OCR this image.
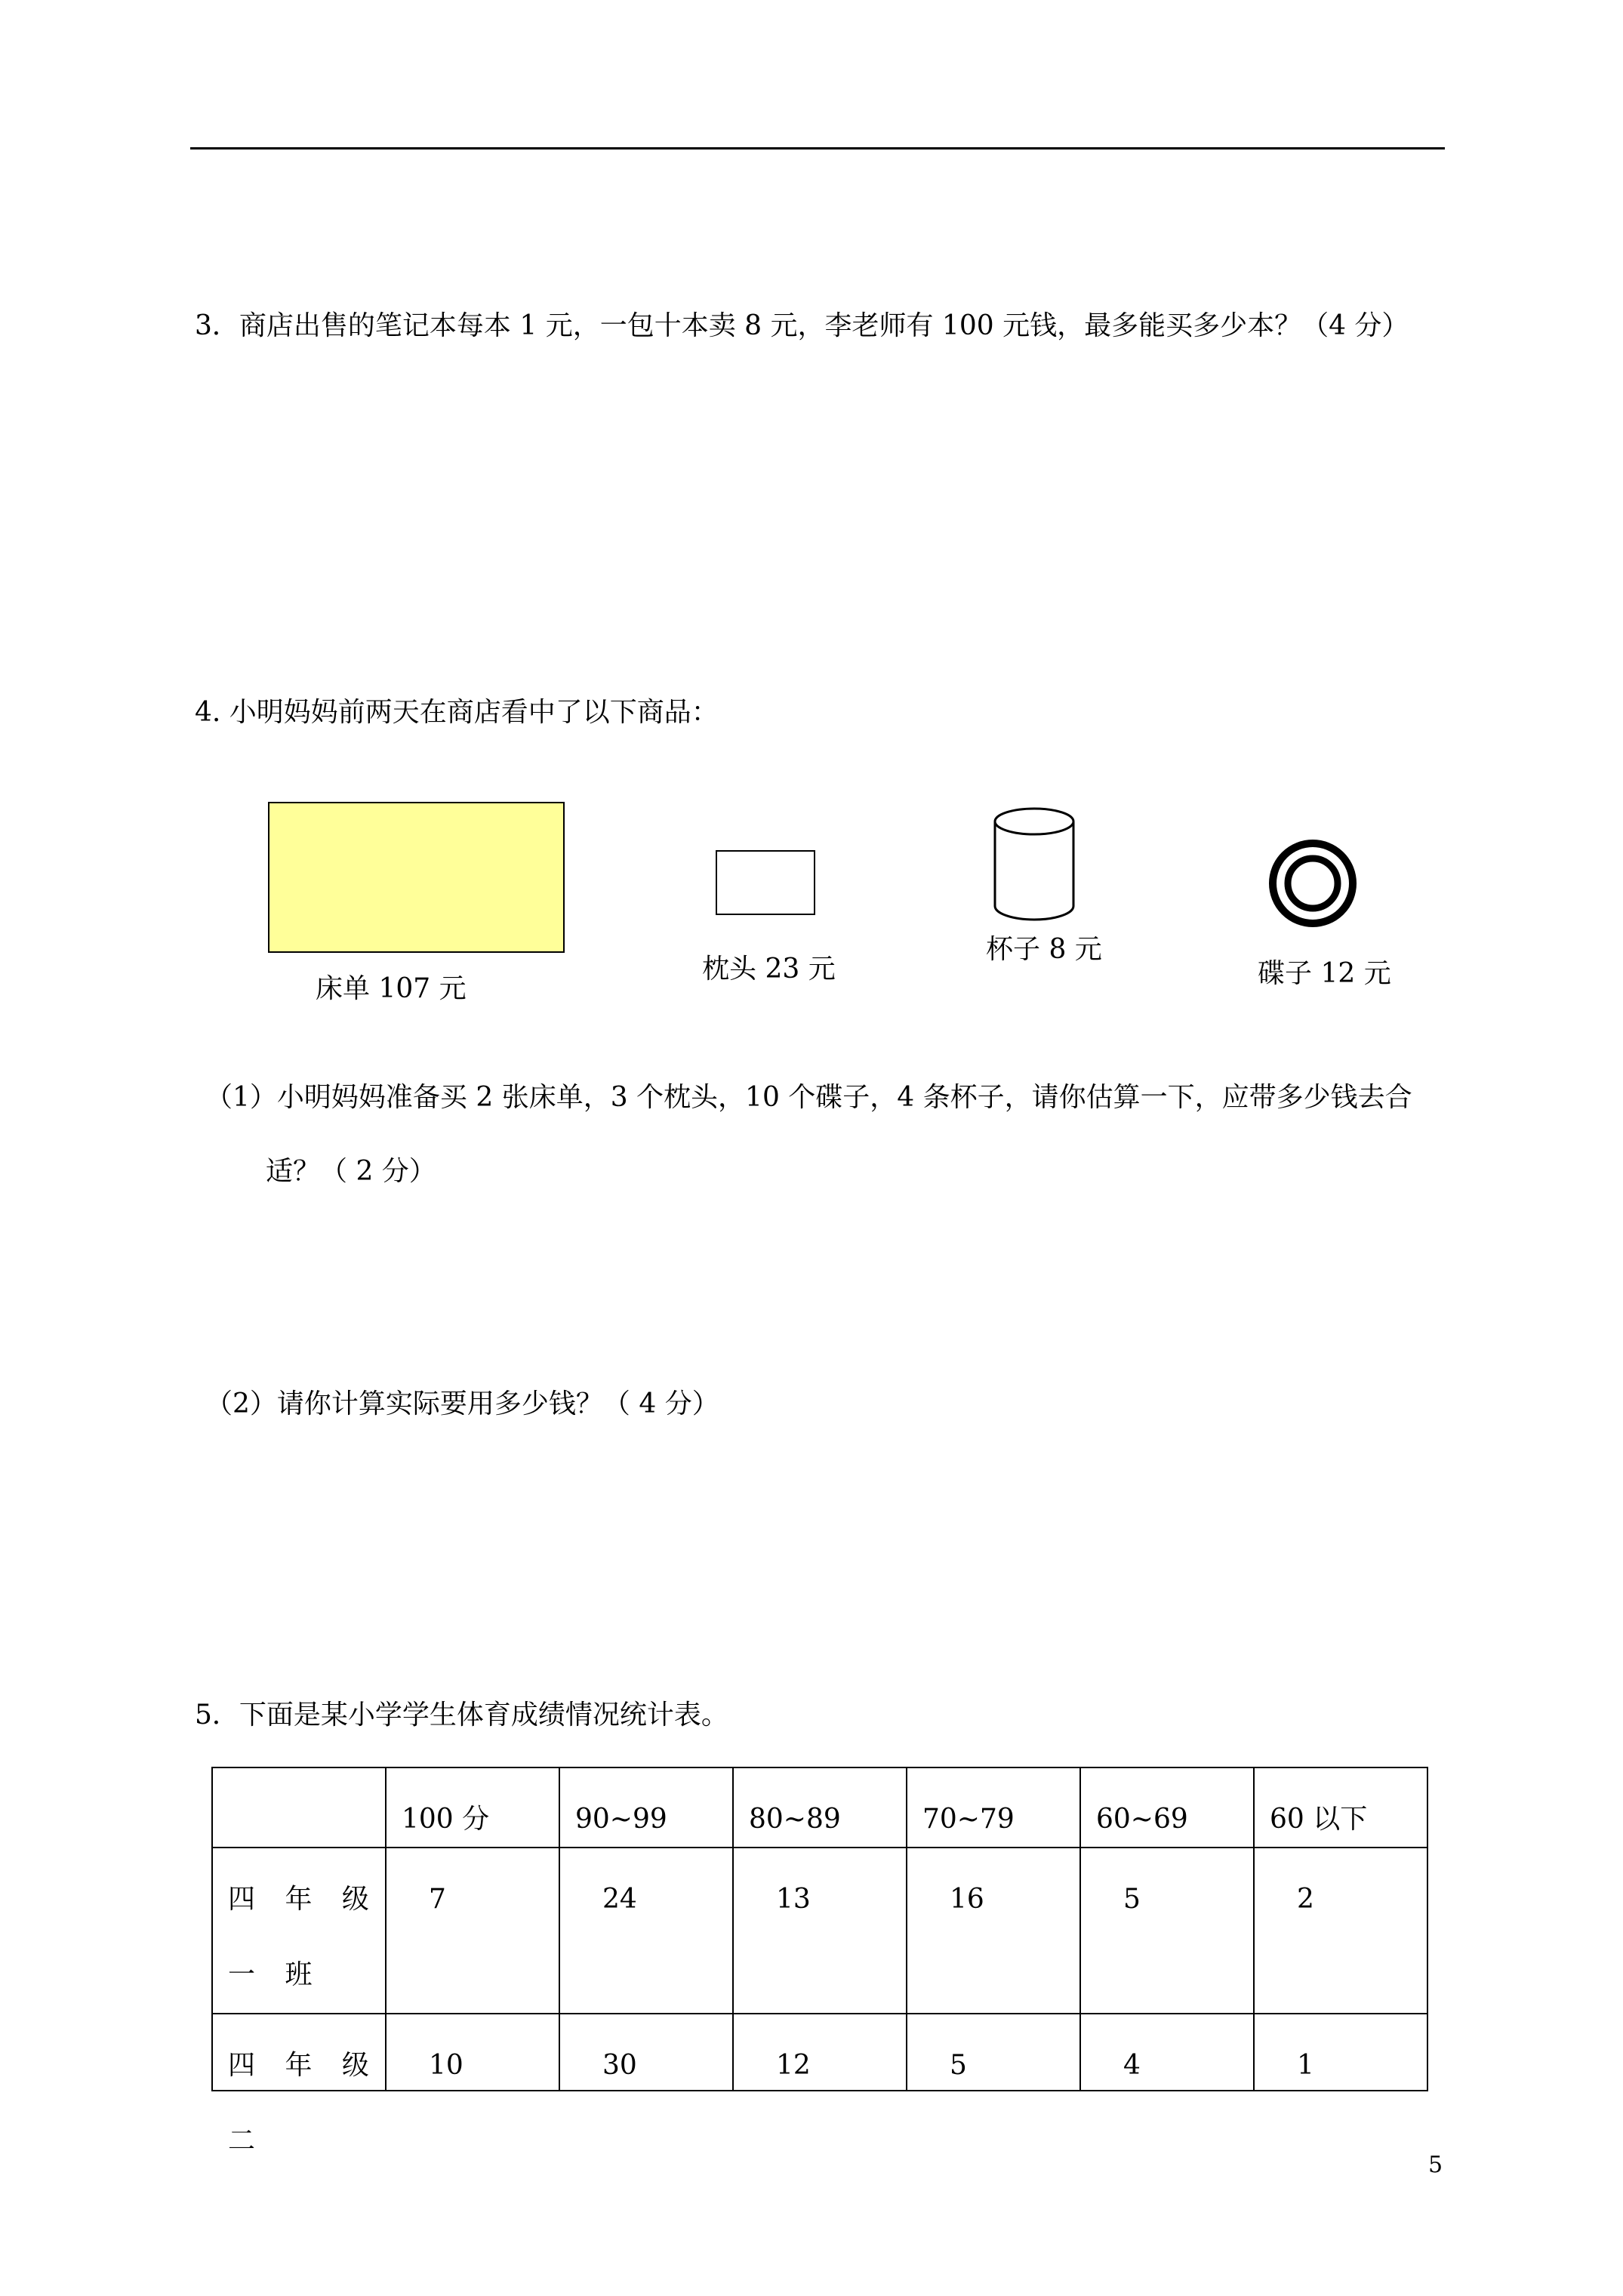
3．商店出售的笔记本每本 1 元，一包十本卖 8 元，李老师有 100 元钱，最多能买多少本？（4 分）
4. 小明妈妈前两天在商店看中了以下商品：
床单 107 元
枕头 23 元
杯子 8 元
碟子 12 元
（1）小明妈妈准备买 2 张床单，3 个枕头，10 个碟子，4 条杯子，请你估算一下，应带多少钱去合
适？（ 2 分）
（2）请你计算实际要用多少钱？（ 4 分）
5．下面是某小学学生体育成绩情况统计表。

	100 分	90~99	80~89	70~79	60~69	60 以下

四 年 级 一 班	7	24	13	16	5	2

四 年 级 二	10	30	12	5	4	1
5
